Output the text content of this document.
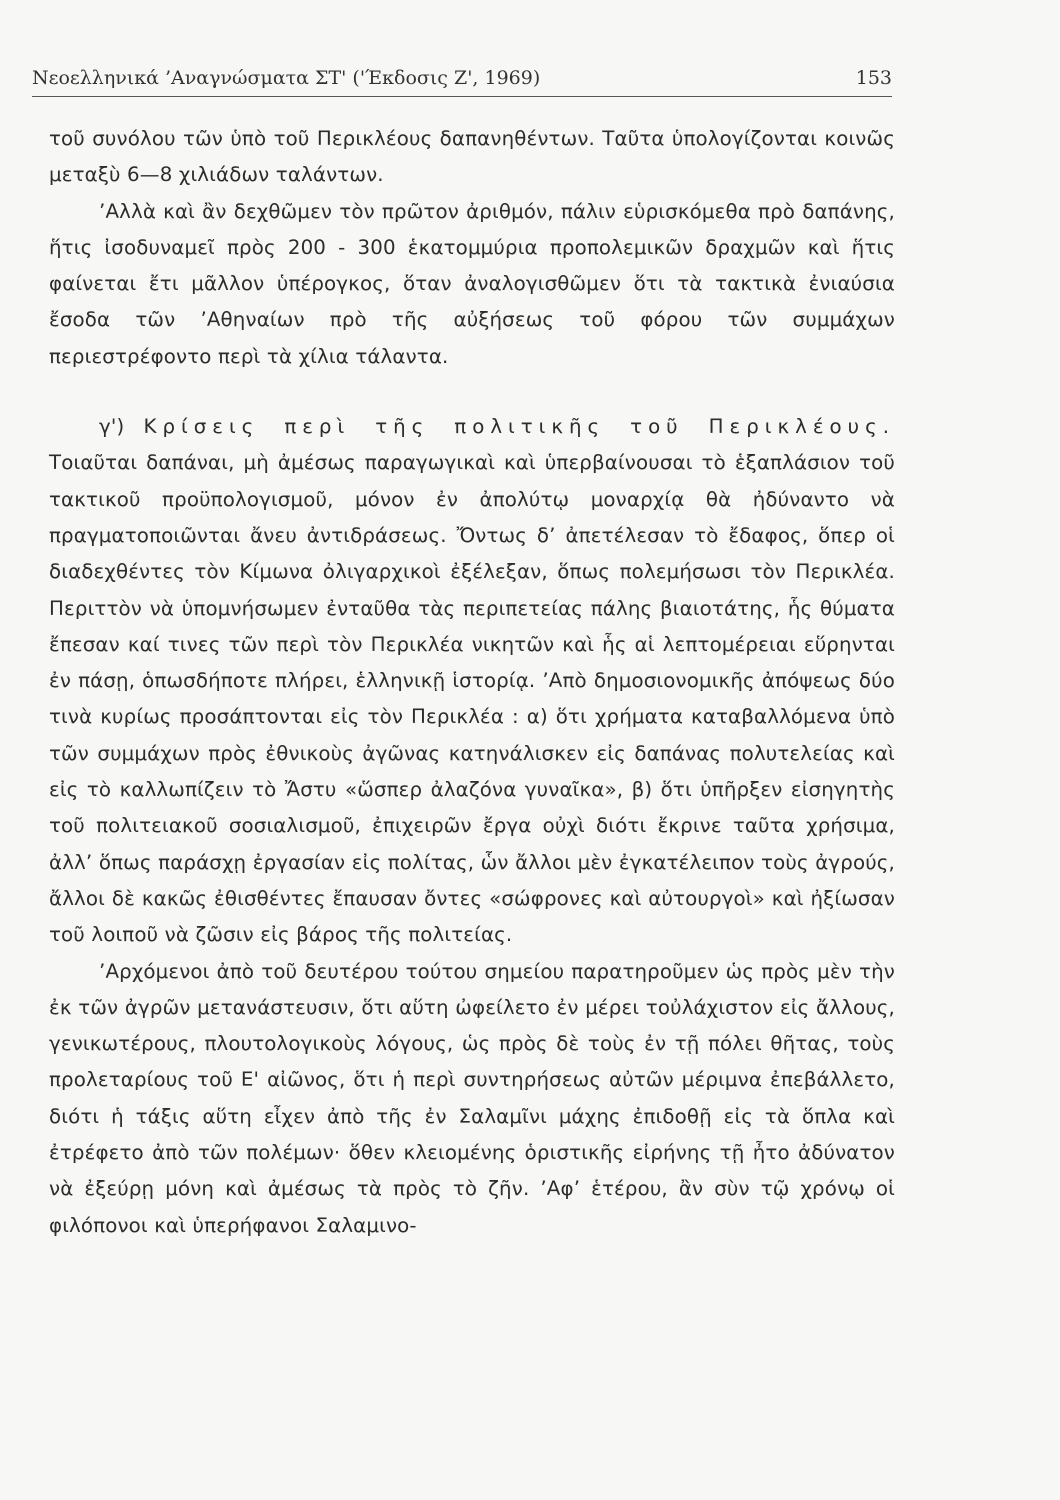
Νεοελληνικά ’Αναγνώσματα ΣΤ' ('Έκδοσις Ζ', 1969)	153

τοῦ συνόλου τῶν ὑπὸ τοῦ Περικλέους δαπανηθέντων. Ταῦτα ὑπολογίζονται κοινῶς μεταξὺ 6—8 χιλιάδων ταλάντων.

’Αλλὰ καὶ ἂν δεχθῶμεν τὸν πρῶτον ἀριθμόν, πάλιν εὑρισκόμεθα πρὸ δαπάνης, ἥτις ἰσοδυναμεῖ πρὸς 200 - 300 ἑκατομμύρια προπολεμικῶν δραχμῶν καὶ ἥτις φαίνεται ἔτι μᾶλλον ὑπέρογκος, ὅταν ἀναλογισθῶμεν ὅτι τὰ τακτικὰ ἐνιαύσια ἔσοδα τῶν ’Αθηναίων πρὸ τῆς αὐξήσεως τοῦ φόρου τῶν συμμάχων περιεστρέφοντο περὶ τὰ χίλια τάλαντα.

γ') Κρίσεις περὶ τῆς πολιτικῆς τοῦ Περικλέους. Τοιαῦται δαπάναι, μὴ ἀμέσως παραγωγικαὶ καὶ ὑπερβαίνουσαι τὸ ἑξαπλάσιον τοῦ τακτικοῦ προϋπολογισμοῦ, μόνον ἐν ἀπολύτῳ μοναρχίᾳ θὰ ἠδύναντο νὰ πραγματοποιῶνται ἄνευ ἀντιδράσεως. Ὄντως δ’ ἀπετέλεσαν τὸ ἔδαφος, ὅπερ οἱ διαδεχθέντες τὸν Κίμωνα ὀλιγαρχικοὶ ἐξέλεξαν, ὅπως πολεμήσωσι τὸν Περικλέα. Περιττὸν νὰ ὑπομνήσωμεν ἐνταῦθα τὰς περιπετείας πάλης βιαιοτάτης, ἧς θύματα ἔπεσαν καί τινες τῶν περὶ τὸν Περικλέα νικητῶν καὶ ἧς αἱ λεπτομέρειαι εὕρηνται ἐν πάσῃ, ὁπωσδήποτε πλήρει, ἑλληνικῇ ἱστορίᾳ. ’Απὸ δημοσιονομικῆς ἀπόψεως δύο τινὰ κυρίως προσάπτονται εἰς τὸν Περικλέα : α) ὅτι χρήματα καταβαλλόμενα ὑπὸ τῶν συμμάχων πρὸς ἐθνικοὺς ἀγῶνας κατηνάλισκεν εἰς δαπάνας πολυτελείας καὶ εἰς τὸ καλλωπίζειν τὸ Ἄστυ «ὥσπερ ἀλαζόνα γυναῖκα», β) ὅτι ὑπῆρξεν εἰσηγητὴς τοῦ πολιτειακοῦ σοσιαλισμοῦ, ἐπιχειρῶν ἔργα οὐχὶ διότι ἔκρινε ταῦτα χρήσιμα, ἀλλ’ ὅπως παράσχῃ ἐργασίαν εἰς πολίτας, ὧν ἄλλοι μὲν ἐγκατέλειπον τοὺς ἀγρούς, ἄλλοι δὲ κακῶς ἐθισθέντες ἔπαυσαν ὄντες «σώφρονες καὶ αὐτουργοὶ» καὶ ἠξίωσαν τοῦ λοιποῦ νὰ ζῶσιν εἰς βάρος τῆς πολιτείας.

’Αρχόμενοι ἀπὸ τοῦ δευτέρου τούτου σημείου παρατηροῦμεν ὡς πρὸς μὲν τὴν ἐκ τῶν ἀγρῶν μετανάστευσιν, ὅτι αὕτη ὠφείλετο ἐν μέρει τοὐλάχιστον εἰς ἄλλους, γενικωτέρους, πλουτολογικοὺς λόγους, ὡς πρὸς δὲ τοὺς ἐν τῇ πόλει θῆτας, τοὺς προλεταρίους τοῦ Ε' αἰῶνος, ὅτι ἡ περὶ συντηρήσεως αὐτῶν μέριμνα ἐπεβάλλετο, διότι ἡ τάξις αὕτη εἶχεν ἀπὸ τῆς ἐν Σαλαμῖνι μάχης ἐπιδοθῇ εἰς τὰ ὅπλα καὶ ἐτρέφετο ἀπὸ τῶν πολέμων· ὅθεν κλειομένης ὁριστικῆς εἰρήνης τῇ ἦτο ἀδύνατον νὰ ἐξεύρῃ μόνη καὶ ἀμέσως τὰ πρὸς τὸ ζῆν. ’Αφ’ ἑτέρου, ἂν σὺν τῷ χρόνῳ οἱ φιλόπονοι καὶ ὑπερήφανοι Σαλαμινο-
